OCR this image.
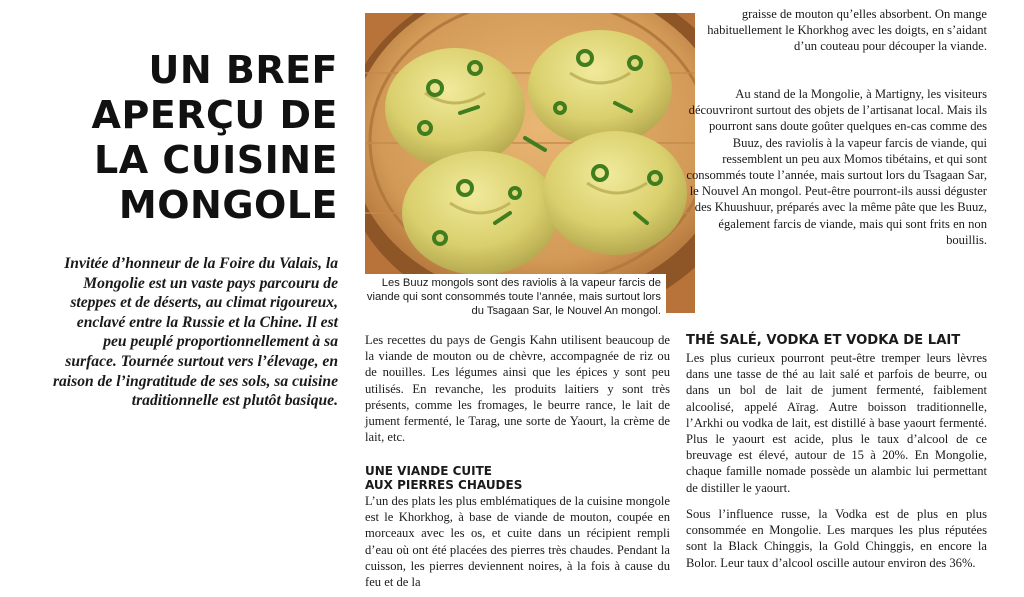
UN BREF
APERÇU DE
LA CUISINE
MONGOLE

Invitée d’honneur de la Foire du Valais, la Mongolie est un vaste pays parcouru de steppes et de déserts, au climat rigoureux, enclavé entre la Russie et la Chine. Il est peu peuplé proportionnellement à sa surface. Tournée surtout vers l’élevage, en raison de l’ingratitude de ses sols, sa cuisine traditionnelle est plutôt basique.

Les Buuz mongols sont des raviolis à la vapeur farcis de viande qui sont consommés toute l’année, mais surtout lors du Tsagaan Sar, le Nouvel An mongol.

Les recettes du pays de Gengis Kahn utilisent beaucoup de la viande de mouton ou de chèvre, accompagnée de riz ou de nouilles. Les légumes ainsi que les épices y sont peu utilisés. En revanche, les produits laitiers y sont très présents, comme les fromages, le beurre rance, le lait de jument fermenté, le Tarag, une sorte de Yaourt, la crème de lait, etc.

UNE VIANDE CUITE
AUX PIERRES CHAUDES

L’un des plats les plus emblématiques de la cuisine mongole est le Khorkhog, à base de viande de mouton, coupée en morceaux avec les os, et cuite dans un récipient rempli d’eau où ont été placées des pierres très chaudes. Pendant la cuisson, les pierres deviennent noires, à la fois à cause du feu et de la

graisse de mouton qu’elles absorbent. On mange habituellement le Khorkhog avec les doigts, en s’aidant d’un couteau pour découper la viande.

Au stand de la Mongolie, à Martigny, les visiteurs découvriront surtout des objets de l’artisanat local. Mais ils pourront sans doute goûter quelques en-cas comme des Buuz, des raviolis à la vapeur farcis de viande, qui ressemblent un peu aux Momos tibétains, et qui sont consommés toute l’année, mais surtout lors du Tsagaan Sar, le Nouvel An mongol. Peut-être pourront-ils aussi déguster des Khuushuur, préparés avec la même pâte que les Buuz, également farcis de viande, mais qui sont frits en non bouillis.

THÉ SALÉ, VODKA ET VODKA DE LAIT

Les plus curieux pourront peut-être tremper leurs lèvres dans une tasse de thé au lait salé et parfois de beurre, ou dans un bol de lait de jument fermenté, faiblement alcoolisé, appelé Aïrag. Autre boisson traditionnelle, l’Arkhi ou vodka de lait, est distillé à base yaourt fermenté. Plus le yaourt est acide, plus le taux d’alcool de ce breuvage est élevé, autour de 15 à 20%. En Mongolie, chaque famille nomade possède un alambic lui permettant de distiller le yaourt.

Sous l’influence russe, la Vodka est de plus en plus consommée en Mongolie. Les marques les plus réputées sont la Black Chinggis, la Gold Chinggis, en encore la Bolor. Leur taux d’alcool oscille autour environ des 36%.
